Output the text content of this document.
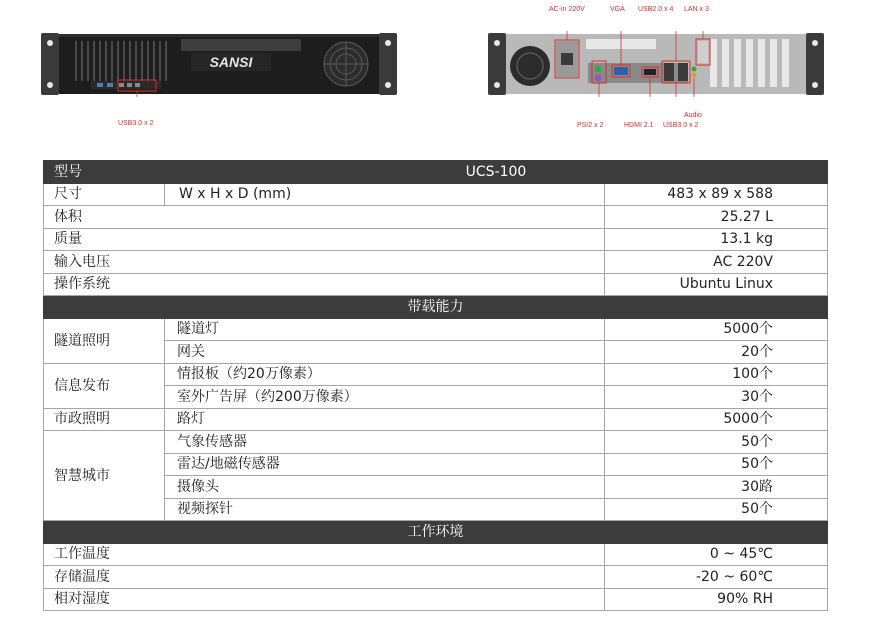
SANSI
USB3.0 x 2
AC-in 220V	VGA USB2.0 x 4 LAN x 3
Audio
PS/2 x 2	HDMI 2.1 USB3.0 x 2
型号	UCS-100	
尺寸	W x H x D (mm)	483 x 89 x 588
体积		25.27 L
质量		13.1 kg
输入电压		AC 220V
操作系统		Ubuntu Linux
带载能力		
隧道照明	隧道灯	5000个
	网关	20个
信息发布	情报板（约20万像素）	100个
	室外广告屏（约200万像素）	30个
市政照明	路灯	5000个
智慧城市	气象传感器	50个
	雷达/地磁传感器	50个
	摄像头	30路
	视频探针	50个
工作环境		
工作温度		0 ~ 45℃
存储温度		-20 ~ 60℃
相对湿度		90% RH
